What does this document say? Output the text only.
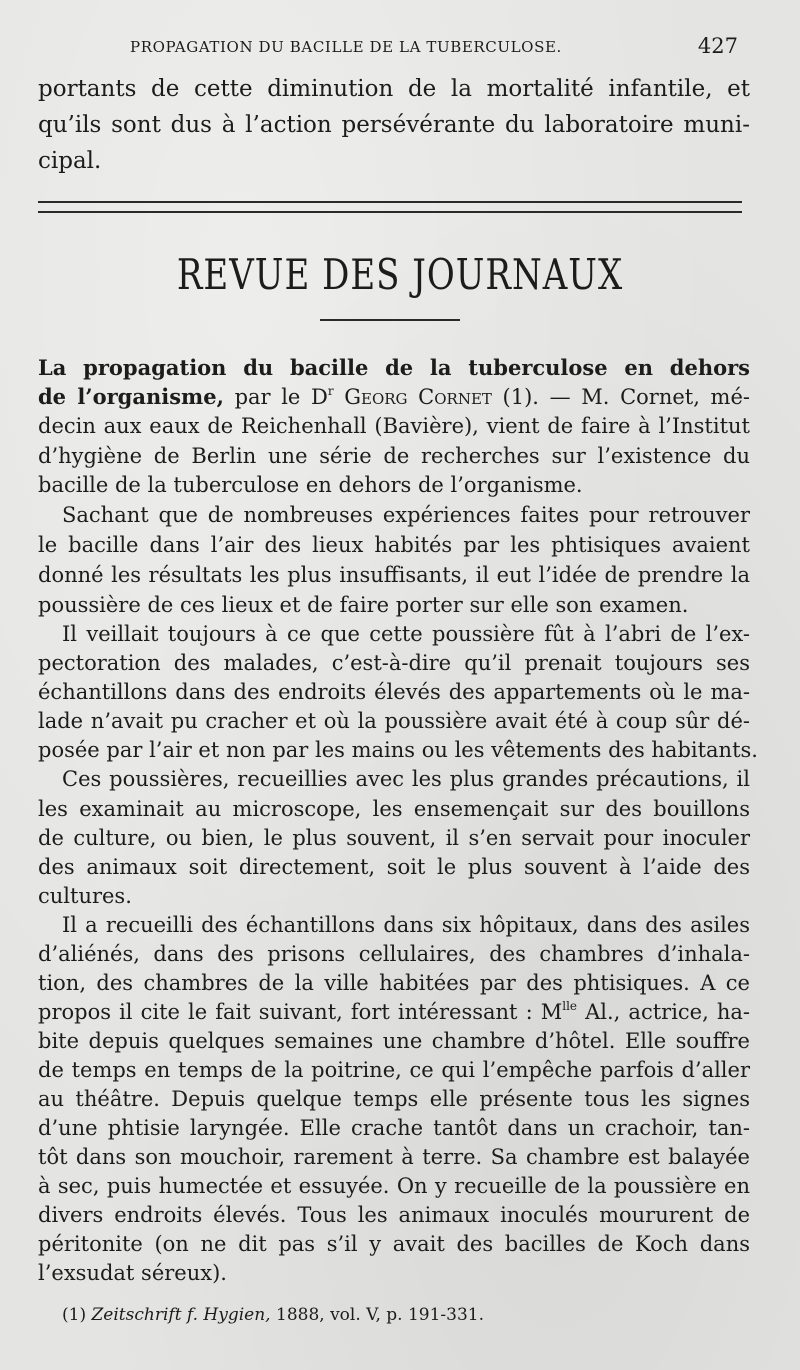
PROPAGATION DU BACILLE DE LA TUBERCULOSE.	427
portants de cette diminution de la mortalité infantile, et
qu’ils sont dus à l’action persévérante du laboratoire muni-
cipal.
REVUE DES JOURNAUX
La propagation du bacille de la tuberculose en dehors
de l’organisme, par le $D^r$ Georg Cornet (1). — M. Cornet, mé-
decin aux eaux de Reichenhall (Bavière), vient de faire à l’Institut
d’hygiène de Berlin une série de recherches sur l’existence du
bacille de la tuberculose en dehors de l’organisme.
Sachant que de nombreuses expériences faites pour retrouver
le bacille dans l’air des lieux habités par les phtisiques avaient
donné les résultats les plus insuffisants, il eut l’idée de prendre la
poussière de ces lieux et de faire porter sur elle son examen.
Il veillait toujours à ce que cette poussière fût à l’abri de l’ex-
pectoration des malades, c’est-à-dire qu’il prenait toujours ses
échantillons dans des endroits élevés des appartements où le ma-
lade n’avait pu cracher et où la poussière avait été à coup sûr dé-
posée par l’air et non par les mains ou les vêtements des habitants.
Ces poussières, recueillies avec les plus grandes précautions, il
les examinait au microscope, les ensemençait sur des bouillons
de culture, ou bien, le plus souvent, il s’en servait pour inoculer
des animaux soit directement, soit le plus souvent à l’aide des
cultures.
Il a recueilli des échantillons dans six hôpitaux, dans des asiles
d’aliénés, dans des prisons cellulaires, des chambres d’inhala-
tion, des chambres de la ville habitées par des phtisiques. A ce
propos il cite le fait suivant, fort intéressant : $M^{lle}$ Al., actrice, ha-
bite depuis quelques semaines une chambre d’hôtel. Elle souffre
de temps en temps de la poitrine, ce qui l’empêche parfois d’aller
au théâtre. Depuis quelque temps elle présente tous les signes
d’une phtisie laryngée. Elle crache tantôt dans un crachoir, tan-
tôt dans son mouchoir, rarement à terre. Sa chambre est balayée
à sec, puis humectée et essuyée. On y recueille de la poussière en
divers endroits élevés. Tous les animaux inoculés moururent de
péritonite (on ne dit pas s’il y avait des bacilles de Koch dans
l’exsudat séreux).
(1) Zeitschrift f. Hygien, 1888, vol. V, p. 191-331.
